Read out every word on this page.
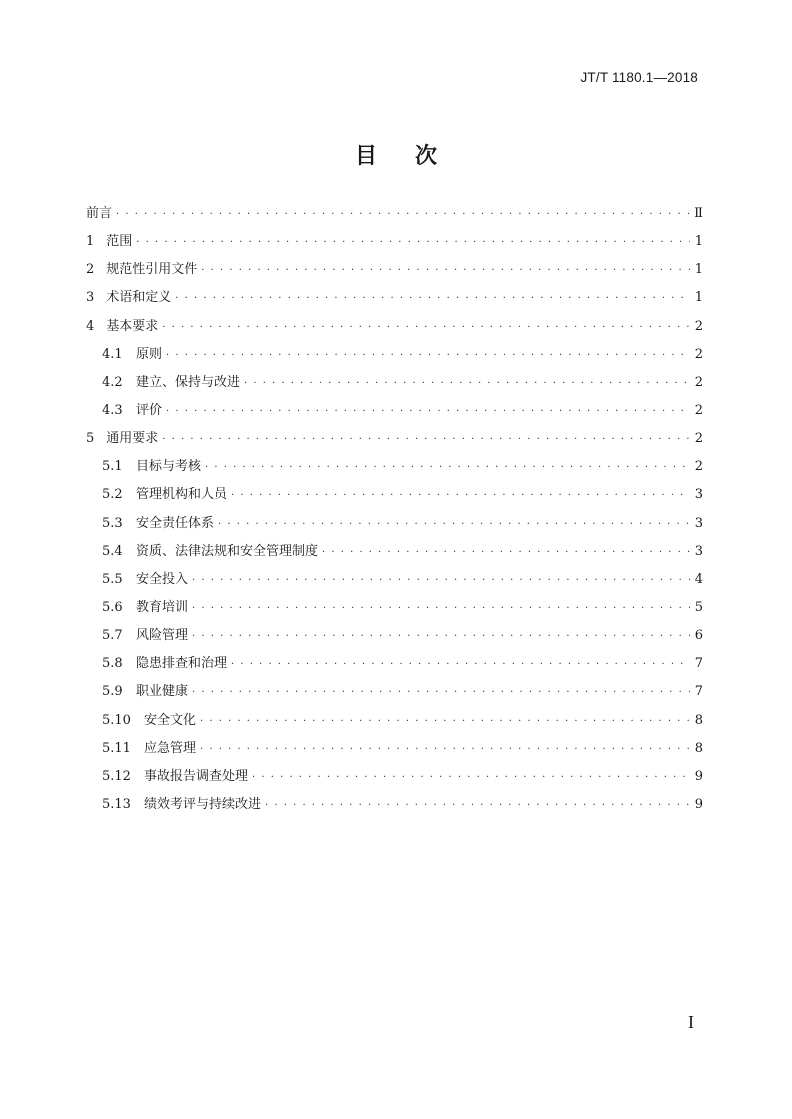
JT/T 1180.1—2018
目次
前言 · · ·	Ⅱ
1 范围 · · ·	1
2 规范性引用文件 · · ·	1
3 术语和定义 · · ·	1
4 基本要求 · · ·	2
4.1 原则 · · ·	2
4.2 建立、保持与改进 · · ·	2
4.3 评价 · · ·	2
5 通用要求 · · ·	2
5.1 目标与考核 · · ·	2
5.2 管理机构和人员 · · ·	3
5.3 安全责任体系 · · ·	3
5.4 资质、法律法规和安全管理制度 · · ·	3
5.5 安全投入 · · ·	4
5.6 教育培训 · · ·	5
5.7 风险管理 · · ·	6
5.8 隐患排查和治理 · · ·	7
5.9 职业健康 · · ·	7
5.10 安全文化 · · ·	8
5.11 应急管理 · · ·	8
5.12 事故报告调查处理 · · ·	9
5.13 绩效考评与持续改进 · · ·	9
I
